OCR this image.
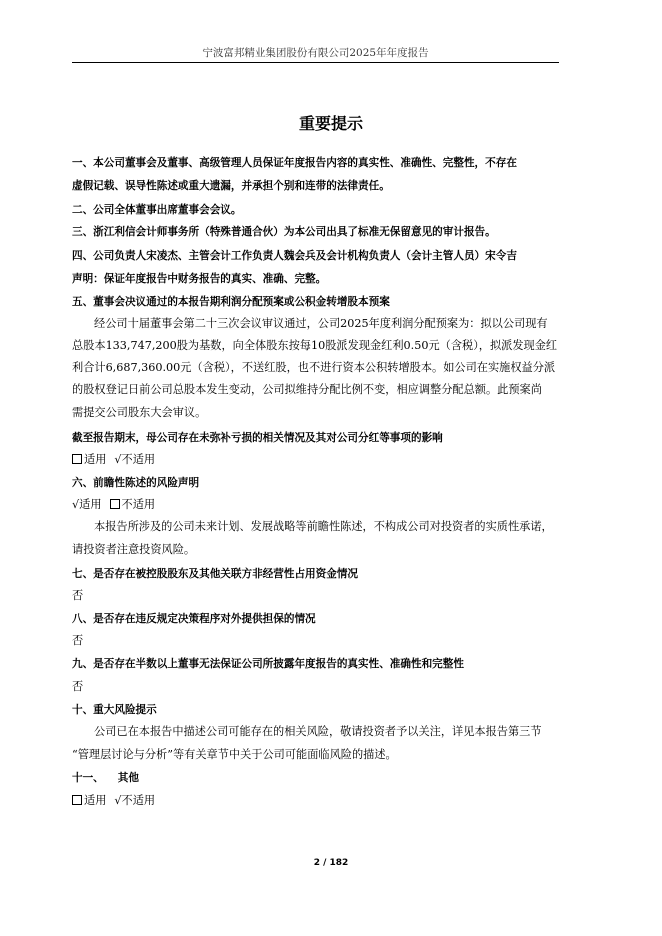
宁波富邦精业集团股份有限公司2025年年度报告
重要提示
一、本公司董事会及董事、高级管理人员保证年度报告内容的真实性、准确性、完整性，不存在
虚假记载、误导性陈述或重大遗漏，并承担个别和连带的法律责任。
二、公司全体董事出席董事会会议。
三、浙江利信会计师事务所（特殊普通合伙）为本公司出具了标准无保留意见的审计报告。
四、公司负责人宋凌杰、主管会计工作负责人魏会兵及会计机构负责人（会计主管人员）宋令吉
声明：保证年度报告中财务报告的真实、准确、完整。
五、董事会决议通过的本报告期利润分配预案或公积金转增股本预案
经公司十届董事会第二十三次会议审议通过，公司2025年度利润分配预案为：拟以公司现有
总股本133,747,200股为基数，向全体股东按每10股派发现金红利0.50元（含税），拟派发现金红
利合计6,687,360.00元（含税），不送红股，也不进行资本公积转增股本。如公司在实施权益分派
的股权登记日前公司总股本发生变动，公司拟维持分配比例不变，相应调整分配总额。此预案尚
需提交公司股东大会审议。
截至报告期末，母公司存在未弥补亏损的相关情况及其对公司分红等事项的影响
适用 √不适用
六、前瞻性陈述的风险声明
√适用 不适用
本报告所涉及的公司未来计划、发展战略等前瞻性陈述，不构成公司对投资者的实质性承诺，
请投资者注意投资风险。
七、是否存在被控股股东及其他关联方非经营性占用资金情况
否
八、是否存在违反规定决策程序对外提供担保的情况
否
九、是否存在半数以上董事无法保证公司所披露年度报告的真实性、准确性和完整性
否
十、重大风险提示
公司已在本报告中描述公司可能存在的相关风险，敬请投资者予以关注，详见本报告第三节
“管理层讨论与分析”等有关章节中关于公司可能面临风险的描述。
十一、 其他
适用 √不适用
2 / 182
